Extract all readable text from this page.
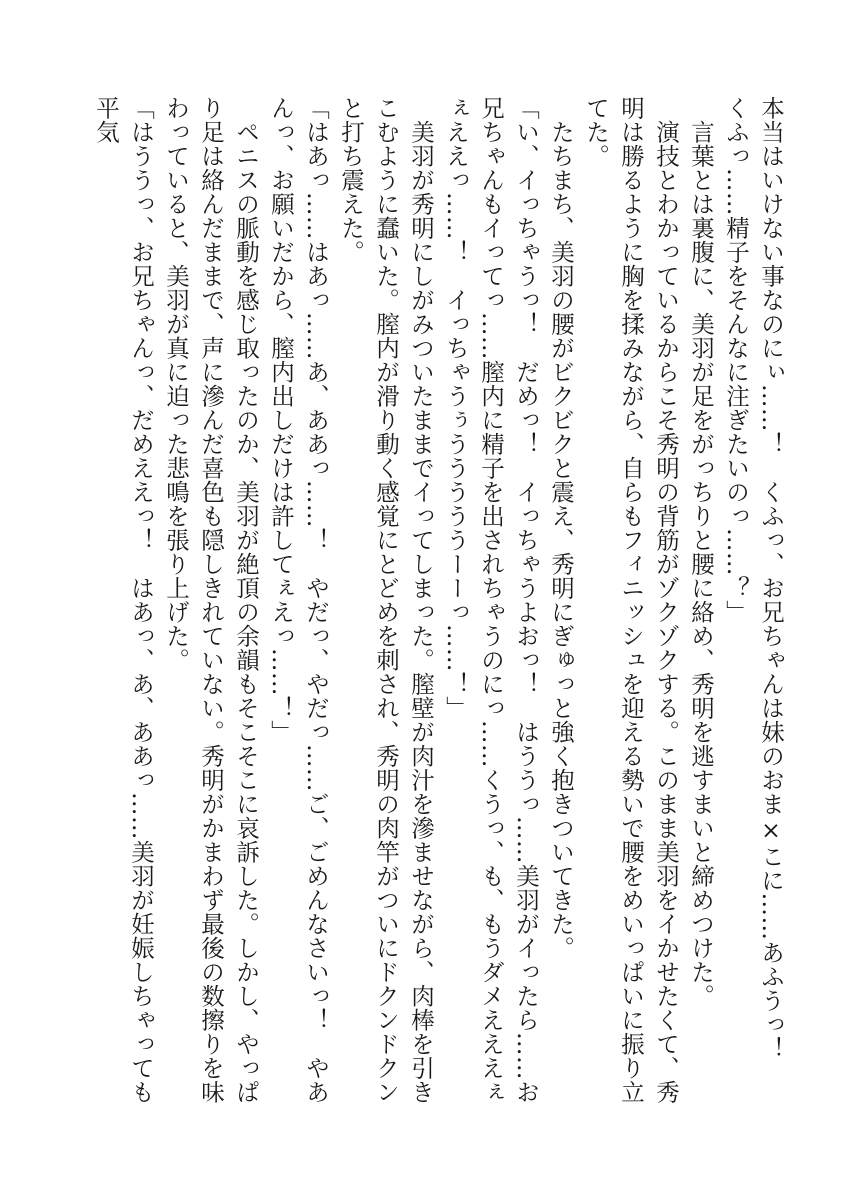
本当はいけない事なのにぃ……！　くふっ、お兄ちゃんは妹のおま×こに……あふうっ！　くふっ……精子をそんなに注ぎたいのっ……？」

言葉とは裏腹に、美羽が足をがっちりと腰に絡め、秀明を逃すまいと締めつけた。

演技とわかっているからこそ秀明の背筋がゾクゾクする。このまま美羽をイかせたくて、秀明は勝るように胸を揉みながら、自らもフィニッシュを迎える勢いで腰をめいっぱいに振り立てた。

たちまち、美羽の腰がビクビクと震え、秀明にぎゅっと強く抱きついてきた。

「い、イっちゃうっ！　だめっ！　イっちゃうよおっ！　はううっ……美羽がイったら……お兄ちゃんもイってっ……膣内に精子を出されちゃうのにっ……くうっ、も、もうダメえええぇぇええっ……！　イっちゃうぅうううううーーっ……！」

美羽が秀明にしがみついたままでイってしまった。膣壁が肉汁を滲ませながら、肉棒を引きこむように蠢いた。膣内が滑り動く感覚にとどめを刺され、秀明の肉竿がついにドクンドクンと打ち震えた。

「はあっ……はあっ……あ、ああっ……！　やだっ、やだっ……ご、ごめんなさいっ！　やあんっ、お願いだから、膣内出しだけは許してぇえっ……！」

ペニスの脈動を感じ取ったのか、美羽が絶頂の余韻もそこそこに哀訴した。しかし、やっぱり足は絡んだままで、声に滲んだ喜色も隠しきれていない。秀明がかまわず最後の数擦りを味わっていると、美羽が真に迫った悲鳴を張り上げた。

「はううっ、お兄ちゃんっ、だめええっ！　はあっ、あ、ああっ……美羽が妊娠しちゃっても平気
